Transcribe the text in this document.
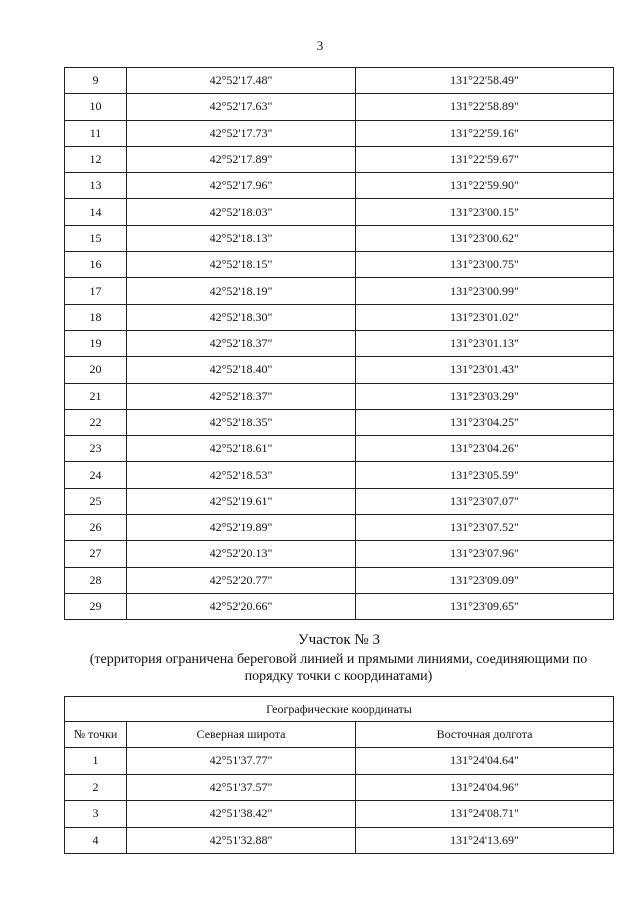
3
9	42°52'17.48"	131°22'58.49"
10	42°52'17.63"	131°22'58.89"
11	42°52'17.73"	131°22'59.16"
12	42°52'17.89"	131°22'59.67"
13	42°52'17.96"	131°22'59.90"
14	42°52'18.03"	131°23'00.15"
15	42°52'18.13"	131°23'00.62"
16	42°52'18.15"	131°23'00.75"
17	42°52'18.19"	131°23'00.99"
18	42°52'18.30"	131°23'01.02"
19	42°52'18.37"	131°23'01.13"
20	42°52'18.40"	131°23'01.43"
21	42°52'18.37"	131°23'03.29"
22	42°52'18.35"	131°23'04.25"
23	42°52'18.61"	131°23'04.26"
24	42°52'18.53"	131°23'05.59"
25	42°52'19.61"	131°23'07.07"
26	42°52'19.89"	131°23'07.52"
27	42°52'20.13"	131°23'07.96"
28	42°52'20.77"	131°23'09.09"
29	42°52'20.66"	131°23'09.65"
Участок № 3
(территория ограничена береговой линией и прямыми линиями, соединяющими по порядку точки с координатами)
Географические координаты		
№ точки	Северная широта	Восточная долгота
1	42°51'37.77"	131°24'04.64"
2	42°51'37.57"	131°24'04.96"
3	42°51'38.42"	131°24'08.71"
4	42°51'32.88"	131°24'13.69"
